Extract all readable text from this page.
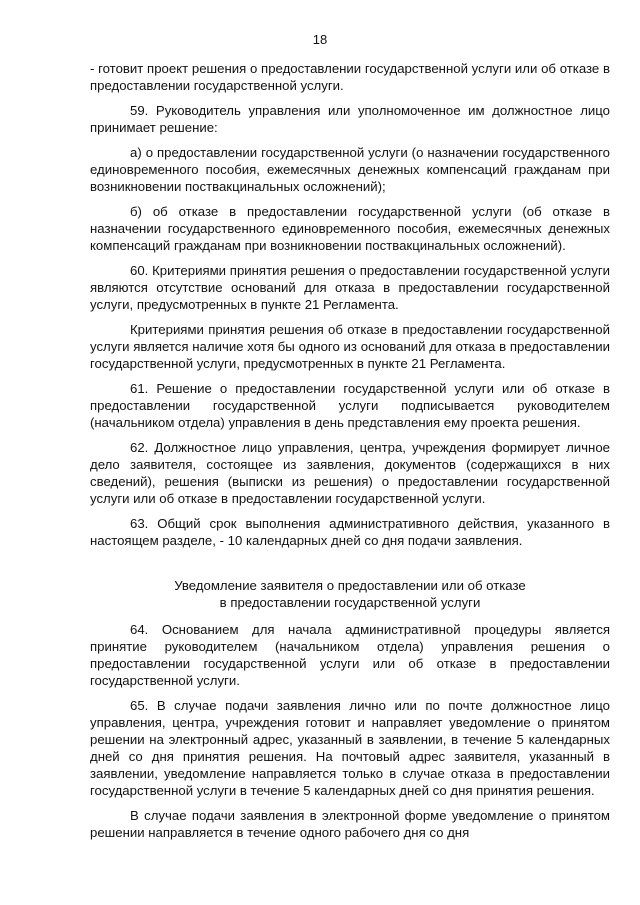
18

- готовит проект решения о предоставлении государственной услуги или об отказе в предоставлении государственной услуги.

59. Руководитель управления или уполномоченное им должностное лицо принимает решение:

а) о предоставлении государственной услуги (о назначении государственного единовременного пособия, ежемесячных денежных компенсаций гражданам при возникновении поствакцинальных осложнений);

б) об отказе в предоставлении государственной услуги (об отказе в назначении государственного единовременного пособия, ежемесячных денежных компенсаций гражданам при возникновении поствакцинальных осложнений).

60. Критериями принятия решения о предоставлении государственной услуги являются отсутствие оснований для отказа в предоставлении государственной услуги, предусмотренных в пункте 21 Регламента.

Критериями принятия решения об отказе в предоставлении государственной услуги является наличие хотя бы одного из оснований для отказа в предоставлении государственной услуги, предусмотренных в пункте 21 Регламента.

61. Решение о предоставлении государственной услуги или об отказе в предоставлении государственной услуги подписывается руководителем (начальником отдела) управления в день представления ему проекта решения.

62. Должностное лицо управления, центра, учреждения формирует личное дело заявителя, состоящее из заявления, документов (содержащихся в них сведений), решения (выписки из решения) о предоставлении государственной услуги или об отказе в предоставлении государственной услуги.

63. Общий срок выполнения административного действия, указанного в настоящем разделе, - 10 календарных дней со дня подачи заявления.

Уведомление заявителя о предоставлении или об отказе
в предоставлении государственной услуги

64. Основанием для начала административной процедуры является принятие руководителем (начальником отдела) управления решения о предоставлении государственной услуги или об отказе в предоставлении государственной услуги.

65. В случае подачи заявления лично или по почте должностное лицо управления, центра, учреждения готовит и направляет уведомление о принятом решении на электронный адрес, указанный в заявлении, в течение 5 календарных дней со дня принятия решения. На почтовый адрес заявителя, указанный в заявлении, уведомление направляется только в случае отказа в предоставлении государственной услуги в течение 5 календарных дней со дня принятия решения.

В случае подачи заявления в электронной форме уведомление о принятом решении направляется в течение одного рабочего дня со дня
